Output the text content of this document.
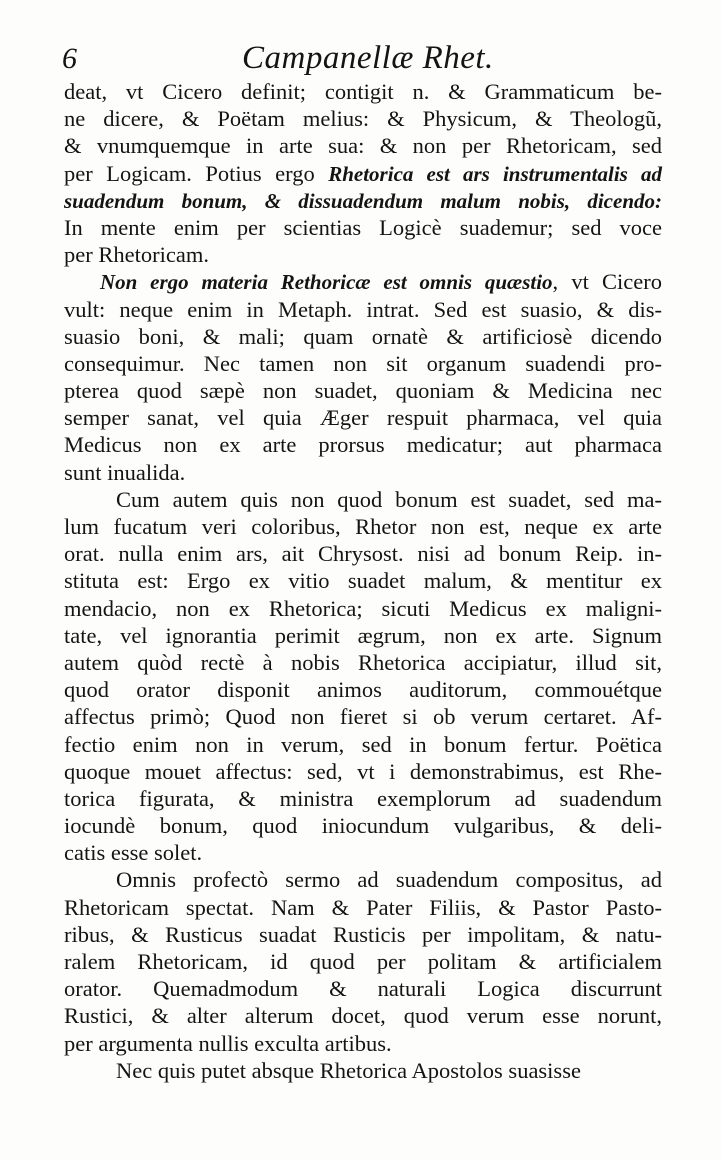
6	Campanellæ Rhet.
deat, vt Cicero definit; contigit n. & Grammaticum be-
ne dicere, & Poëtam melius: & Physicum, & Theologũ,
& vnumquemque in arte sua: & non per Rhetoricam, sed
per Logicam. Potius ergo Rhetorica est ars instrumentalis ad
suadendum bonum, & dissuadendum malum nobis, dicendo:
In mente enim per scientias Logicè suademur; sed voce
per Rhetoricam.
Non ergo materia Rethoricæ est omnis quæstio, vt Cicero
vult: neque enim in Metaph. intrat. Sed est suasio, & dis-
suasio boni, & mali; quam ornatè & artificiosè dicendo
consequimur. Nec tamen non sit organum suadendi pro-
pterea quod sæpè non suadet, quoniam & Medicina nec
semper sanat, vel quia Æger respuit pharmaca, vel quia
Medicus non ex arte prorsus medicatur; aut pharmaca
sunt inualida.
Cum autem quis non quod bonum est suadet, sed ma-
lum fucatum veri coloribus, Rhetor non est, neque ex arte
orat. nulla enim ars, ait Chrysost. nisi ad bonum Reip. in-
stituta est: Ergo ex vitio suadet malum, & mentitur ex
mendacio, non ex Rhetorica; sicuti Medicus ex maligni-
tate, vel ignorantia perimit ægrum, non ex arte. Signum
autem quòd rectè à nobis Rhetorica accipiatur, illud sit,
quod orator disponit animos auditorum, commouétque
affectus primò; Quod non fieret si ob verum certaret. Af-
fectio enim non in verum, sed in bonum fertur. Poëtica
quoque mouet affectus: sed, vt i demonstrabimus, est Rhe-
torica figurata, & ministra exemplorum ad suadendum
iocundè bonum, quod iniocundum vulgaribus, & deli-
catis esse solet.
Omnis profectò sermo ad suadendum compositus, ad
Rhetoricam spectat. Nam & Pater Filiis, & Pastor Pasto-
ribus, & Rusticus suadat Rusticis per impolitam, & natu-
ralem Rhetoricam, id quod per politam & artificialem
orator. Quemadmodum & naturali Logica discurrunt
Rustici, & alter alterum docet, quod verum esse norunt,
per argumenta nullis exculta artibus.
Nec quis putet absque Rhetorica Apostolos suasisse
